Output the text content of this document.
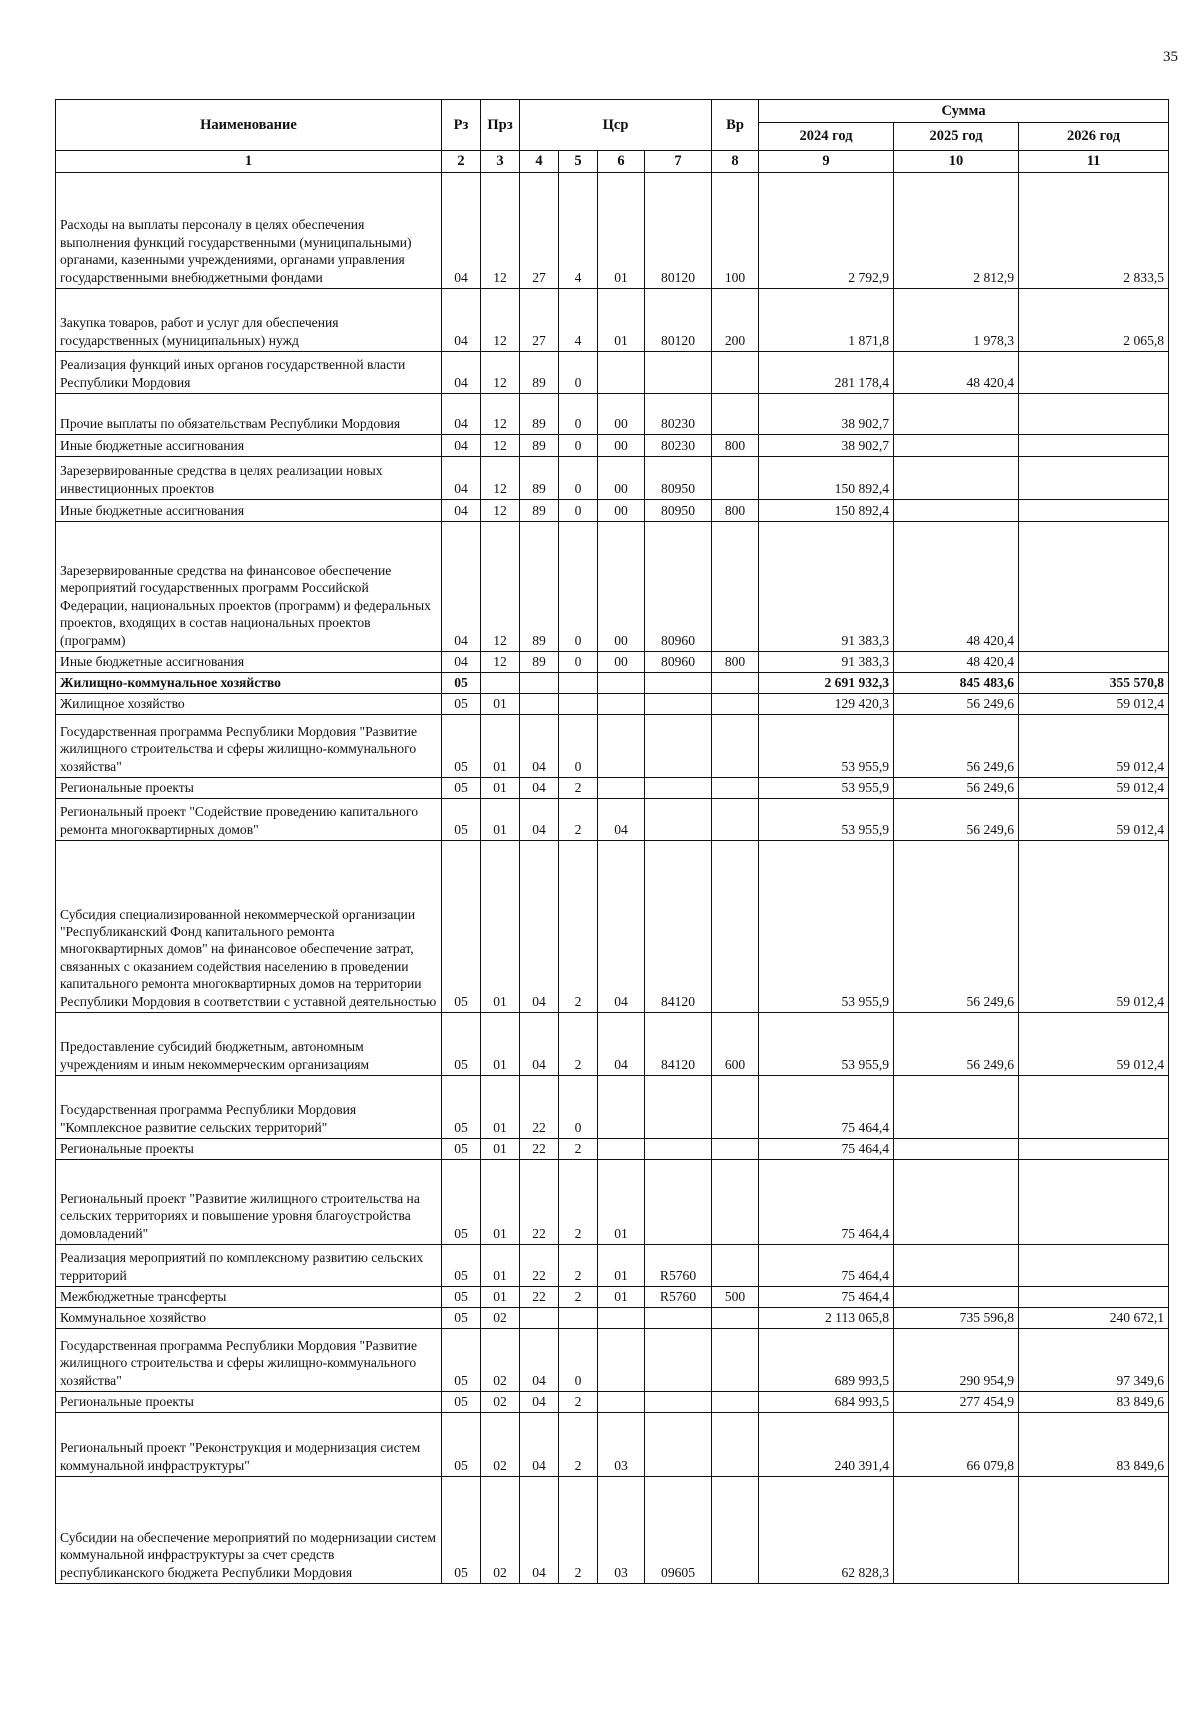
35
Наименование	Рз	Прз	Цср				Вр	Сумма		
								2024 год	2025 год	2026 год
1	2	3	4	5	6	7	8	9	10	11
Расходы на выплаты персоналу в целях обеспечения выполнения функций государственными (муниципальными) органами, казенными учреждениями, органами управления государственными внебюджетными фондами	04	12	27	4	01	80120	100	2 792,9	2 812,9	2 833,5
Закупка товаров, работ и услуг для обеспечения государственных (муниципальных) нужд	04	12	27	4	01	80120	200	1 871,8	1 978,3	2 065,8
Реализация функций иных органов государственной власти Республики Мордовия	04	12	89	0				281 178,4	48 420,4	
Прочие выплаты по обязательствам Республики Мордовия	04	12	89	0	00	80230		38 902,7		
Иные бюджетные ассигнования	04	12	89	0	00	80230	800	38 902,7		
Зарезервированные средства в целях реализации новых инвестиционных проектов	04	12	89	0	00	80950		150 892,4		
Иные бюджетные ассигнования	04	12	89	0	00	80950	800	150 892,4		
Зарезервированные средства на финансовое обеспечение мероприятий государственных программ Российской Федерации, национальных проектов (программ) и федеральных проектов, входящих в состав национальных проектов (программ)	04	12	89	0	00	80960		91 383,3	48 420,4	
Иные бюджетные ассигнования	04	12	89	0	00	80960	800	91 383,3	48 420,4	
Жилищно-коммунальное хозяйство	05							2 691 932,3	845 483,6	355 570,8
Жилищное хозяйство	05	01						129 420,3	56 249,6	59 012,4
Государственная программа Республики Мордовия "Развитие жилищного строительства и сферы жилищно-коммунального хозяйства"	05	01	04	0				53 955,9	56 249,6	59 012,4
Региональные проекты	05	01	04	2				53 955,9	56 249,6	59 012,4
Региональный проект "Содействие проведению капитального ремонта многоквартирных домов"	05	01	04	2	04			53 955,9	56 249,6	59 012,4
Субсидия специализированной некоммерческой организации "Республиканский Фонд капитального ремонта многоквартирных домов" на финансовое обеспечение затрат, связанных с оказанием содействия населению в проведении капитального ремонта многоквартирных домов на территории Республики Мордовия в соответствии с уставной деятельностью	05	01	04	2	04	84120		53 955,9	56 249,6	59 012,4
Предоставление субсидий бюджетным, автономным учреждениям и иным некоммерческим организациям	05	01	04	2	04	84120	600	53 955,9	56 249,6	59 012,4
Государственная программа Республики Мордовия "Комплексное развитие сельских территорий"	05	01	22	0				75 464,4		
Региональные проекты	05	01	22	2				75 464,4		
Региональный проект "Развитие жилищного строительства на сельских территориях и повышение уровня благоустройства домовладений"	05	01	22	2	01			75 464,4		
Реализация мероприятий по комплексному развитию сельских территорий	05	01	22	2	01	R5760		75 464,4		
Межбюджетные трансферты	05	01	22	2	01	R5760	500	75 464,4		
Коммунальное хозяйство	05	02						2 113 065,8	735 596,8	240 672,1
Государственная программа Республики Мордовия "Развитие жилищного строительства и сферы жилищно-коммунального хозяйства"	05	02	04	0				689 993,5	290 954,9	97 349,6
Региональные проекты	05	02	04	2				684 993,5	277 454,9	83 849,6
Региональный проект "Реконструкция и модернизация систем коммунальной инфраструктуры"	05	02	04	2	03			240 391,4	66 079,8	83 849,6
Субсидии на обеспечение мероприятий по модернизации систем коммунальной инфраструктуры за счет средств республиканского бюджета Республики Мордовия	05	02	04	2	03	09605		62 828,3		
